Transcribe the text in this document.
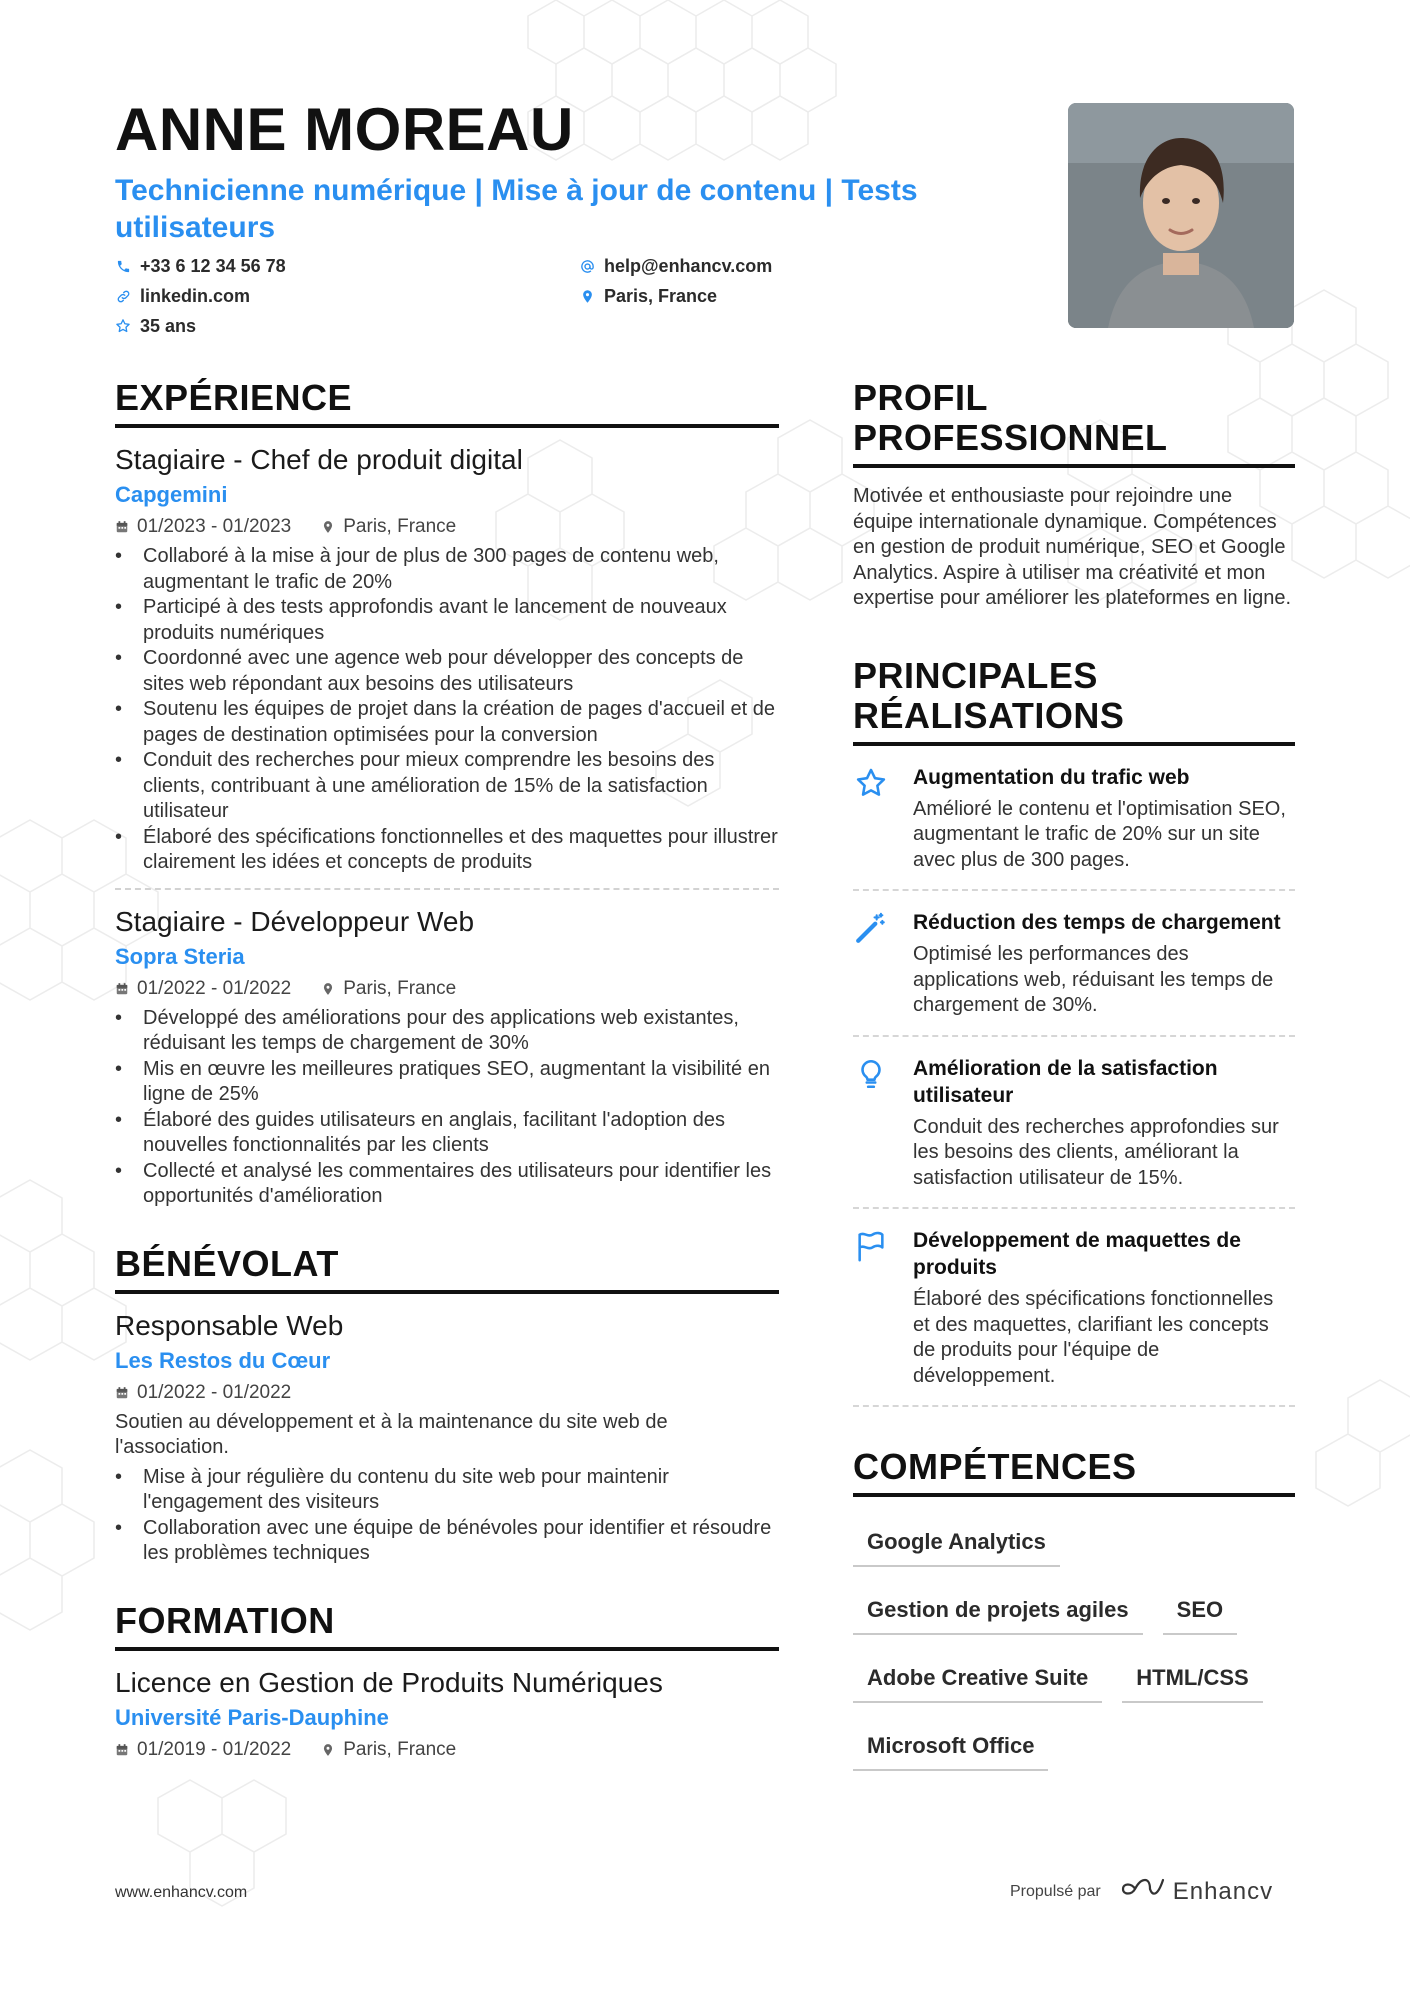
ANNE MOREAU
Technicienne numérique | Mise à jour de contenu | Tests utilisateurs
+33 6 12 34 56 78	help@enhancv.com
linkedin.com	Paris, France
35 ans
EXPÉRIENCE
Stagiaire - Chef de produit digital
Capgemini
01/2023 - 01/2023	Paris, France
• Collaboré à la mise à jour de plus de 300 pages de contenu web, augmentant le trafic de 20%
• Participé à des tests approfondis avant le lancement de nouveaux produits numériques
• Coordonné avec une agence web pour développer des concepts de sites web répondant aux besoins des utilisateurs
• Soutenu les équipes de projet dans la création de pages d'accueil et de pages de destination optimisées pour la conversion
• Conduit des recherches pour mieux comprendre les besoins des clients, contribuant à une amélioration de 15% de la satisfaction utilisateur
• Élaboré des spécifications fonctionnelles et des maquettes pour illustrer clairement les idées et concepts de produits
Stagiaire - Développeur Web
Sopra Steria
01/2022 - 01/2022	Paris, France
• Développé des améliorations pour des applications web existantes, réduisant les temps de chargement de 30%
• Mis en œuvre les meilleures pratiques SEO, augmentant la visibilité en ligne de 25%
• Élaboré des guides utilisateurs en anglais, facilitant l'adoption des nouvelles fonctionnalités par les clients
• Collecté et analysé les commentaires des utilisateurs pour identifier les opportunités d'amélioration
BÉNÉVOLAT
Responsable Web
Les Restos du Cœur
01/2022 - 01/2022
Soutien au développement et à la maintenance du site web de l'association.
• Mise à jour régulière du contenu du site web pour maintenir l'engagement des visiteurs
• Collaboration avec une équipe de bénévoles pour identifier et résoudre les problèmes techniques
FORMATION
Licence en Gestion de Produits Numériques
Université Paris-Dauphine
01/2019 - 01/2022	Paris, France
PROFIL PROFESSIONNEL
Motivée et enthousiaste pour rejoindre une équipe internationale dynamique. Compétences en gestion de produit numérique, SEO et Google Analytics. Aspire à utiliser ma créativité et mon expertise pour améliorer les plateformes en ligne.
PRINCIPALES RÉALISATIONS
Augmentation du trafic web
Amélioré le contenu et l'optimisation SEO, augmentant le trafic de 20% sur un site avec plus de 300 pages.
Réduction des temps de chargement
Optimisé les performances des applications web, réduisant les temps de chargement de 30%.
Amélioration de la satisfaction utilisateur
Conduit des recherches approfondies sur les besoins des clients, améliorant la satisfaction utilisateur de 15%.
Développement de maquettes de produits
Élaboré des spécifications fonctionnelles et des maquettes, clarifiant les concepts de produits pour l'équipe de développement.
COMPÉTENCES
Google Analytics
Gestion de projets agiles	SEO
Adobe Creative Suite	HTML/CSS
Microsoft Office
www.enhancv.com	Propulsé par	Enhancv
